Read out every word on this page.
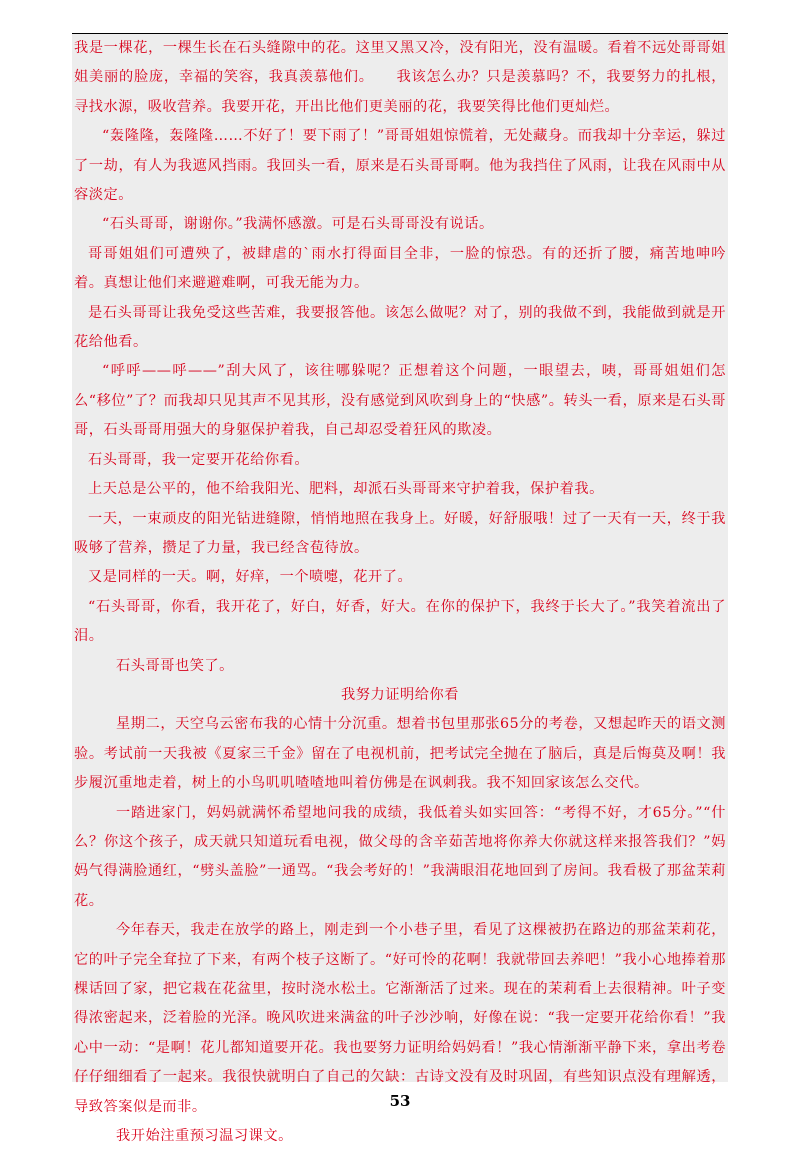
我是一棵花，一棵生长在石头缝隙中的花。这里又黑又冷，没有阳光，没有温暖。看着不远处哥哥姐姐美丽的脸庞，幸福的笑容，我真羡慕他们。　　我该怎么办？只是羡慕吗？不，我要努力的扎根，寻找水源，吸收营养。我要开花，开出比他们更美丽的花，我要笑得比他们更灿烂。

“轰隆隆，轰隆隆……不好了！要下雨了！”哥哥姐姐惊慌着，无处藏身。而我却十分幸运，躲过了一劫，有人为我遮风挡雨。我回头一看，原来是石头哥哥啊。他为我挡住了风雨，让我在风雨中从容淡定。

“石头哥哥，谢谢你。”我满怀感激。可是石头哥哥没有说话。

哥哥姐姐们可遭殃了，被肆虐的`雨水打得面目全非，一脸的惊恐。有的还折了腰，痛苦地呻吟着。真想让他们来避避难啊，可我无能为力。

是石头哥哥让我免受这些苦难，我要报答他。该怎么做呢？对了，别的我做不到，我能做到就是开花给他看。

“呼呼——呼——”刮大风了，该往哪躲呢？正想着这个问题，一眼望去，咦，哥哥姐姐们怎么“移位”了？而我却只见其声不见其形，没有感觉到风吹到身上的“快感”。转头一看，原来是石头哥哥，石头哥哥用强大的身躯保护着我，自己却忍受着狂风的欺凌。

石头哥哥，我一定要开花给你看。

上天总是公平的，他不给我阳光、肥料，却派石头哥哥来守护着我，保护着我。

一天，一束顽皮的阳光钻进缝隙，悄悄地照在我身上。好暖，好舒服哦！过了一天有一天，终于我吸够了营养，攒足了力量，我已经含苞待放。

又是同样的一天。啊，好痒，一个喷嚏，花开了。

“石头哥哥，你看，我开花了，好白，好香，好大。在你的保护下，我终于长大了。”我笑着流出了泪。

石头哥哥也笑了。

我努力证明给你看

星期二，天空乌云密布我的心情十分沉重。想着书包里那张65分的考卷，又想起昨天的语文测验。考试前一天我被《夏家三千金》留在了电视机前，把考试完全抛在了脑后，真是后悔莫及啊！我步履沉重地走着，树上的小鸟叽叽喳喳地叫着仿佛是在讽刺我。我不知回家该怎么交代。

一踏进家门，妈妈就满怀希望地问我的成绩，我低着头如实回答：“考得不好，才65分。”“什么？你这个孩子，成天就只知道玩看电视，做父母的含辛茹苦地将你养大你就这样来报答我们？”妈妈气得满脸通红，“劈头盖脸”一通骂。“我会考好的！”我满眼泪花地回到了房间。我看极了那盆茉莉花。

今年春天，我走在放学的路上，刚走到一个小巷子里，看见了这棵被扔在路边的那盆茉莉花，它的叶子完全耷拉了下来，有两个枝子这断了。“好可怜的花啊！我就带回去养吧！”我小心地捧着那棵话回了家，把它栽在花盆里，按时浇水松土。它渐渐活了过来。现在的茉莉看上去很精神。叶子变得浓密起来，泛着脸的光泽。晚风吹进来满盆的叶子沙沙响，好像在说：“我一定要开花给你看！”我心中一动：“是啊！花儿都知道要开花。我也要努力证明给妈妈看！”我心情渐渐平静下来，拿出考卷仔仔细细看了一起来。我很快就明白了自己的欠缺：古诗文没有及时巩固，有些知识点没有理解透，导致答案似是而非。

我开始注重预习温习课文。

53
